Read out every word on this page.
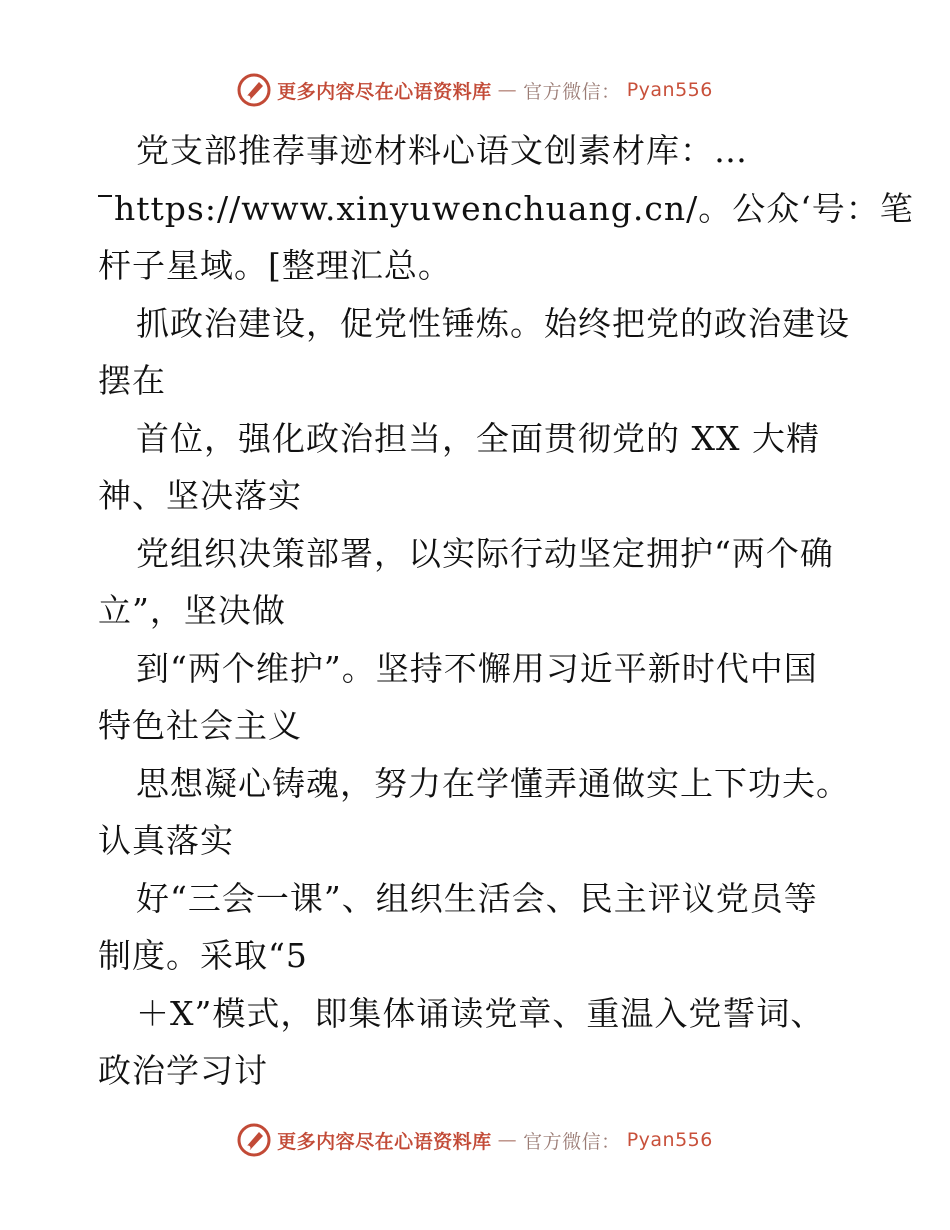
更多内容尽在心语资料库 — 官方微信： Pyan556
党支部推荐事迹材料心语文创素材库：…
https://www.xinyuwenchuang.cn/。公众‘号：笔
杆子星域。[整理汇总。
抓政治建设，促党性锤炼。始终把党的政治建设
摆在
首位，强化政治担当，全面贯彻党的 XX 大精
神、坚决落实
党组织决策部署，以实际行动坚定拥护“两个确
立”，坚决做
到“两个维护”。坚持不懈用习近平新时代中国
特色社会主义
思想凝心铸魂，努力在学懂弄通做实上下功夫。
认真落实
好“三会一课”、组织生活会、民主评议党员等
制度。采取“5
＋X”模式，即集体诵读党章、重温入党誓词、
政治学习讨
更多内容尽在心语资料库 — 官方微信： Pyan556
